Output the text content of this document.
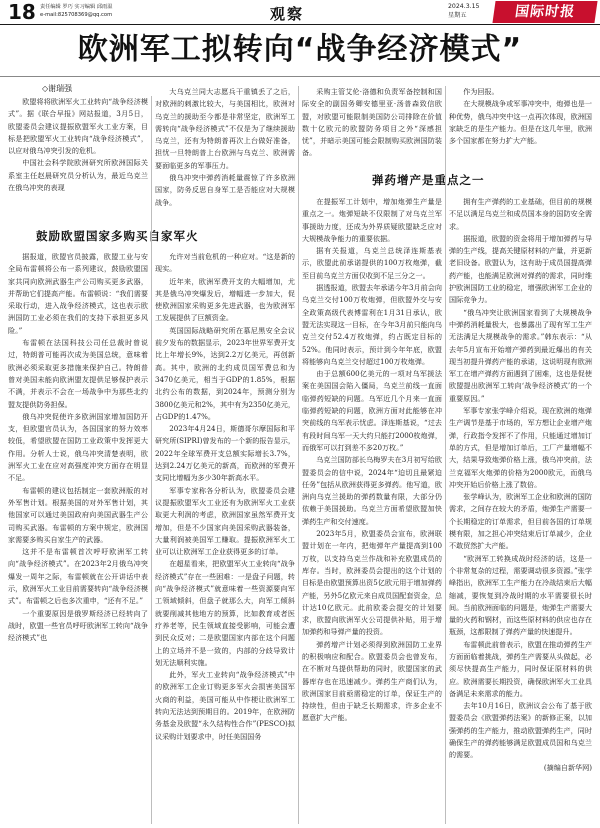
18 责任编辑 罗巧 实习编辑 邱雨温
e-mail:825708369@qq.com	观察	2024.3.15
星期五	国际时报
欧洲军工拟转向“战争经济模式”
◇谢瑞强

欧盟将将欧洲军火工业转向“战争经济模式”。据《联合早报》网站报道，3月5日，欧盟委员会建议提振欧盟军火工业方案，目标是把欧盟军火工业转向“战争经济模式”，以应对俄乌冲突引发的危机。

中国社会科学院欧洲研究所欧洲国际关系室主任赵晨研究员分析认为，最近乌克兰在俄乌冲突的表现

鼓励欧盟国家多购买自家军火

据报道，欧盟官员披露，欧盟工业与安全局布雷顿将公布一系列建议，鼓励欧盟国家共同向欧洲武器生产公司购买更多武器，并帮助它们提高产能。布雷顿说：“我们需要采取行动，进入战争经济模式，这也表示欧洲国防工业必须在我们的支持下承担更多风险。”

布雷顿在法国科技公司任总裁时曾说过，特朗普可能再次成为美国总统，意味着欧洲必须采取更多措施来保护自己。特朗普曾对美国未能向欧洲盟友提供足够保护表示不满，并表示不会在一场战争中为那些北约盟友提供防务担保。

俄乌冲突促使许多欧洲国家增加国防开支，但欧盟官员认为，各国国家的努力效率较低，希望欧盟在国防工业政策中发挥更大作用。分析人士说，俄乌冲突清楚表明，欧洲军火工业在应对高强度冲突方面存在明显不足。

布雷顿的建议包括制定一套欧洲版的对外军售计划。根据美国的对外军售计划，其他国家可以通过美国政府向美国武器生产公司购买武器。布雷顿的方案中规定，欧洲国家需要多购买自家生产的武器。

这并不是布雷顿首次呼吁欧洲军工转向“战争经济模式”。在2023年2月俄乌冲突爆发一周年之际，布雷顿就在公开讲话中表示，欧洲军火工业目前需要转向“战争经济模式”。布雷顿之后也多次重申，“还有不足。”

一个重要原因是俄罗斯经济已经转向了战时，欧盟一些官员呼吁欧洲军工转向“战争经济模式”也

大乌克兰同大志愿兵干重镇丢了之后，对欧洲的刺激比较大，与美国相比，欧洲对乌克兰的援助至今都是非常坚定，欧洲军工需转向“战争经济模式”不仅是为了继续援助乌克兰，还有为特朗普再次上台做好准备，担忧一旦特朗普上台欧洲与乌克兰、欧洲需要面临更多的军事压力。

俄乌冲突中弹药消耗量震惊了许多欧洲国家，防务反思自身军工是否能应对大规模战争。

允许对当前危机的一种应对。“这是新的现实。

近年来，欧洲军费开支的大幅增加，尤其是俄乌冲突爆发后，增幅进一步加大，促使欧洲国家采购更多先进武器，也为欧洲军工发展提供了巨额资金。

英国国际战略研究所在慕尼黑安全会议前夕发布的数据显示，2023年世界军费开支比上年增长9%，达到2.2万亿美元，再创新高。其中，欧洲的北约成员国军费总和为3470亿美元，相当于GDP的1.85%，根据北约公布的数据，到2024年，预测分别为3800亿美元和2%，其中有为2350亿美元，占GDP的1.47%。

2023年4月24日，斯德哥尔摩国际和平研究所(SIPRI)曾发布的一个新的报告显示，2022年全球军费开支总额实际增长3.7%，达到2.24万亿美元的新高，而欧洲的军费开支同比增幅为多少30年新高水平。

军事专家称各分析认为，欧盟委员会建议提振欧盟军火工业还有为欧洲军火工业获取更大利润的考虑，欧洲国家虽然军费开支增加，但是不少国家向美国采购武器装备，大量利润被美国军工赚取。提振欧洲军火工业可以让欧洲军工企业获得更多的订单。

在超星看来，把欧盟军火工业转向“战争经济模式”存在一些困难：一是盘子问题，转向“战争经济模式”就意味着一些资源要向军工领域倾斜，但盘子就那么大，向军工倾斜就要削减其他地方的预算，比如教育或者医疗养老等，民生领域直接受影响，可能会遭到民众反对；二是欧盟国家内部在这个问题上的立场并不是一致的，内部的分歧导致计划无法顺利实施。

此外，军火工业转向“战争经济模式”中的欧洲军工企业订购更多军火会损害美国军火商的利益，美国可能从中作梗让欧洲军工转向无法达到预期目的。2019年，在欧洲防务基金及欧盟“永久结构性合作”(PESCO)拟议采购计划要求中，时任美国国务

采购主管艾伦·洛德和负责军备控制和国际安全的副国务卿安德里亚·汤普森致信欧盟，对欧盟可能限制美国防公司排除在价值数十亿欧元的欧盟防务项目之外“深感担忧”，并暗示美国可能会限制购买欧洲国防装备。

弹药增产是重点之一

在提振军工计划中，增加炮弹生产量是重点之一。炮弹短缺不仅限制了对乌克兰军事援助力度，还成为外界质疑欧盟缺乏应对大规模战争能力的重要依据。

据有关报道，乌克兰总统泽连斯基表示，欧盟此前承诺提供的100万枚炮弹，截至目前乌克兰方面仅收到不足三分之一。

据透报道，欧盟去年承诺今年3月前会向乌克兰交付100万枚炮弹，但欧盟外交与安全政策高级代表博雷利在1月31日承认，欧盟无法实现这一目标，在今年3月前只能向乌克兰交付52.4万枚炮弹，约占既定目标的52%。他同时表示，预计到今年年底，欧盟将能够向乌克兰交付超过100万枚炮弹。

由于总额600亿美元的一项对乌军援法案在美国国会陷入僵局，乌克兰前线一直面临弹药短缺的问题。乌军近几个月来一直面临弹药短缺的问题，欧洲方面对此能够在冲突前线的乌军表示忧虑。泽连斯基说，“过去有段时间乌军一天大约只能打2000枚炮弹，而俄军可以打到差不多20万枚。”

乌克兰国防部长乌梅罗夫在3月初写给欧盟委员会的信中说，2024年“迫切且最紧迫任务”包括从欧洲获得更多弹药。他写道，欧洲向乌克兰援助的弹药数量有限，大部分仍依赖于美国援助。乌克兰方面希望欧盟加快弹药生产和交付速度。

2023年5月，欧盟委员会宣布，欧洲联盟计划在一年内，把炮弹年产量提高到100万枚，以支持乌克兰作战和补充欧盟成员的库存。当时，欧洲委员会提出的这个计划的目标是由欧盟预算出资5亿欧元用于增加弹药产能，另外5亿欧元来自成员国配套资金，总计达10亿欧元。此前欧委会提交的计划要求，欧盟向欧洲军火公司提供补贴，用于增加弹药和导弹产量的投资。

弹药增产计划必须得到欧洲国防工业界的积极响应和配合。欧盟委员会也曾发布，在不断对乌提供帮助的同时，欧盟国家的武器库存也在迅速减少。弹药生产商们认为，欧洲国家目前亟需稳定的订单，保证生产的持续性，但由于缺乏长期需求，许多企业不愿意扩大产能。

作为回报。

在大规模战争或军事冲突中，炮弹也是一种优势，俄乌冲突中这一点再次体现，欧洲国家缺乏的是生产能力。但是在这几年里，欧洲多个国家都在努力扩大产能。

拥有生产弹药的工业基础，但目前的规模不足以满足乌克兰和成员国本身的国防安全需求。

据报道，欧盟的资金将用于增加弹药与导弹的生产线，提高关键原材料的产量，并更新老旧设备。欧盟认为，这有助于成员国提高弹药产能，也能满足欧洲对弹药的需求，同时维护欧洲国防工业的稳定，增强欧洲军工企业的国际竞争力。

“俄乌冲突让欧洲国家看到了大规模战争中弹药消耗量极大，也暴露出了现有军工生产无法满足大规模战争的需求。”韩东表示：“从去年5月宣布开始增产弹药到最近爆出的有关现当初提升弹药产能的承诺，这说明现有欧洲军工在增产弹药方面遇到了困难，这也是促使欧盟提出欧洲军工转向‘战争经济模式’的一个重要原因。”

军事专家张学峰介绍说，现在欧洲的炮弹生产调节是基于市场的，军方想让企业增产炮弹，行政指令发挥不了作用，只能通过增加订单的方式，但是增加订单后，工厂产量增幅不大，结果导致炮弹价格上涨，俄乌冲突前，法兰克福军火炮弹的价格为2000欧元，而俄乌冲突开始后价格上涨了数倍。

张学峰认为，欧洲军工企业和欧洲的国防需求，之间存在较大的矛盾，炮弹生产需要一个长期稳定的订单需求，但目前各国的订单规模有限，加之担心冲突结束后订单减少，企业不敢贸然扩大产能。

“欧洲军工转换成战时经济的话，这是一个非常复杂的过程，需要调动很多资源。”张学峰指出，欧洲军工生产能力在冷战结束后大幅缩减，要恢复到冷战时期的水平需要很长时间。当前欧洲面临的问题是，炮弹生产需要大量的火药和钢材，而这些原材料的供应也存在瓶颈，这都限制了弹药产量的快速提升。

布雷顿此前曾表示，欧盟在推动弹药生产方面面临着挑战，弹药生产需要从头做起，必须尽快提高生产能力，同时保证原材料的供应。欧洲需要长期投资，确保欧洲军火工业具备满足未来需求的能力。

去年10月16日，欧洲议会公布了基于欧盟委员会《欧盟弹药法案》的新修正案，以加强弹药的生产能力，推动欧盟弹药生产，同时确保生产的弹药能够满足欧盟成员国和乌克兰的需要。

(摘编自新华网)
